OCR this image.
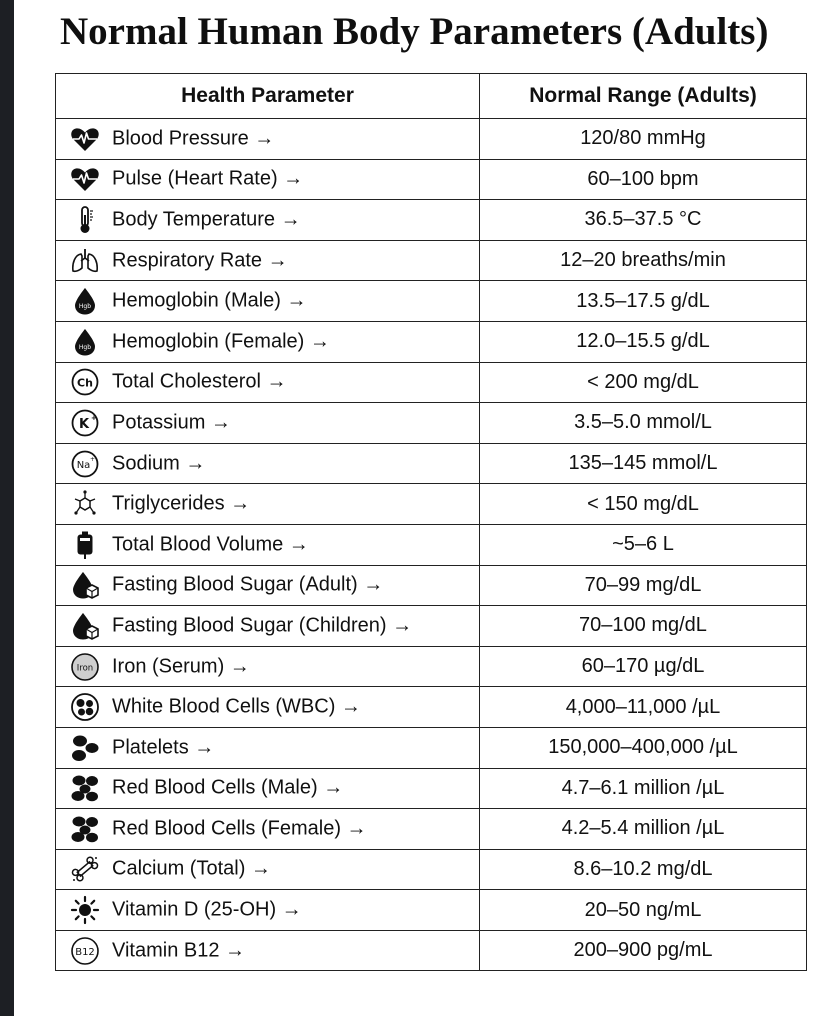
Normal Human Body Parameters (Adults)
Health Parameter	Normal Range (Adults)

Blood Pressure →	120/80 mmHg

Pulse (Heart Rate) →	60–100 bpm

Body Temperature →	36.5–37.5 °C

Respiratory Rate →	12–20 breaths/min

Hgb Hemoglobin (Male) →	13.5–17.5 g/dL

Hgb Hemoglobin (Female) →	12.0–15.5 g/dL

Ch Total Cholesterol →	< 200 mg/dL

K + Potassium →	3.5–5.0 mmol/L

Na
+ Sodium →	135–145 mmol/L

Triglycerides →	< 150 mg/dL

Total Blood Volume →	~5–6 L

Fasting Blood Sugar (Adult) →	70–99 mg/dL

Fasting Blood Sugar (Children) →	70–100 mg/dL

Iron Iron (Serum) →	60–170 µg/dL

White Blood Cells (WBC) →	4,000–11,000 /µL

Platelets →	150,000–400,000 /µL

Red Blood Cells (Male) →	4.7–6.1 million /µL

Red Blood Cells (Female) →	4.2–5.4 million /µL

Calcium (Total) →	8.6–10.2 mg/dL

Vitamin D (25-OH) →	20–50 ng/mL

B12 Vitamin B12 →	200–900 pg/mL
